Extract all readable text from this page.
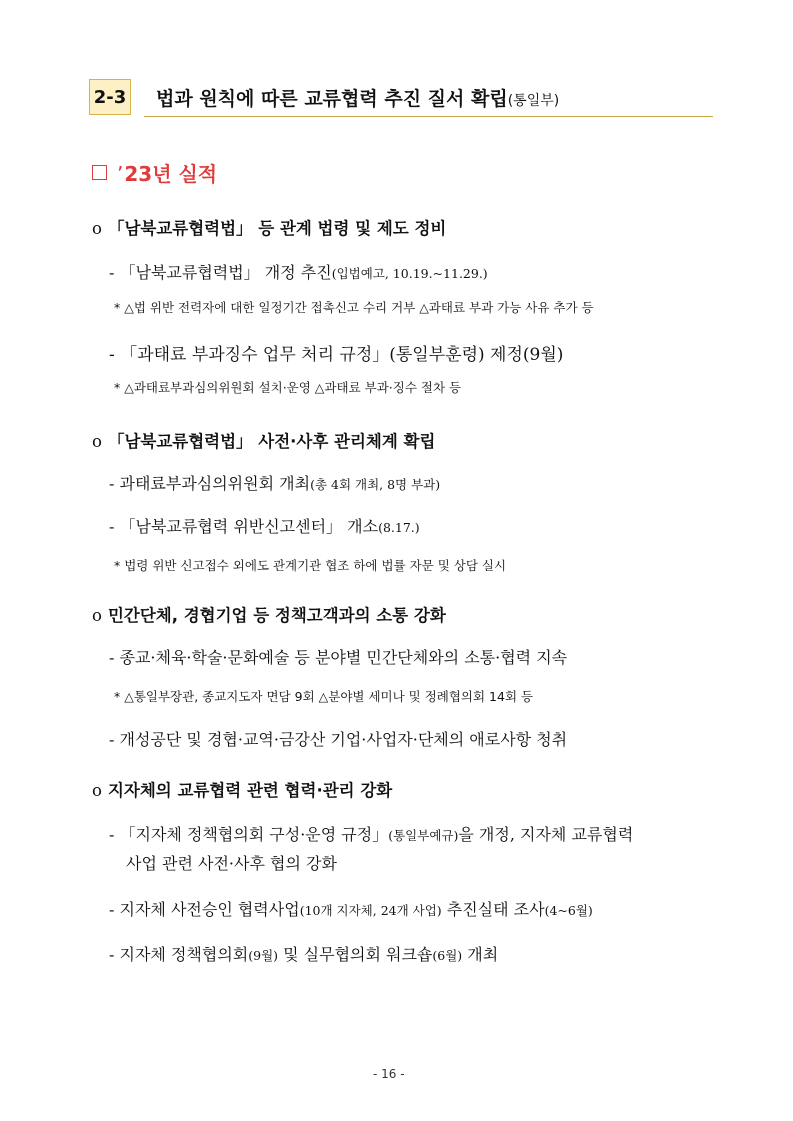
2-3 법과 원칙에 따른 교류협력 추진 질서 확립(통일부)
’23년 실적
o 「남북교류협력법」 등 관계 법령 및 제도 정비
- 「남북교류협력법」 개정 추진(입법예고, 10.19.~11.29.)
* △법 위반 전력자에 대한 일정기간 접촉신고 수리 거부 △과태료 부과 가능 사유 추가 등
- 「과태료 부과징수 업무 처리 규정」(통일부훈령) 제정(9월)
* △과태료부과심의위원회 설치·운영 △과태료 부과·징수 절차 등
o 「남북교류협력법」 사전·사후 관리체계 확립
- 과태료부과심의위원회 개최(총 4회 개최, 8명 부과)
- 「남북교류협력 위반신고센터」 개소(8.17.)
* 법령 위반 신고접수 외에도 관계기관 협조 하에 법률 자문 및 상담 실시
o 민간단체, 경협기업 등 정책고객과의 소통 강화
- 종교·체육·학술·문화예술 등 분야별 민간단체와의 소통·협력 지속
* △통일부장관, 종교지도자 면담 9회 △분야별 세미나 및 정례협의회 14회 등
- 개성공단 및 경협·교역·금강산 기업·사업자·단체의 애로사항 청취
o 지자체의 교류협력 관련 협력·관리 강화
- 「지자체 정책협의회 구성·운영 규정」(통일부예규)을 개정, 지자체 교류협력
사업 관련 사전·사후 협의 강화
- 지자체 사전승인 협력사업(10개 지자체, 24개 사업) 추진실태 조사(4~6월)
- 지자체 정책협의회(9월) 및 실무협의회 워크숍(6월) 개최
- 16 -
